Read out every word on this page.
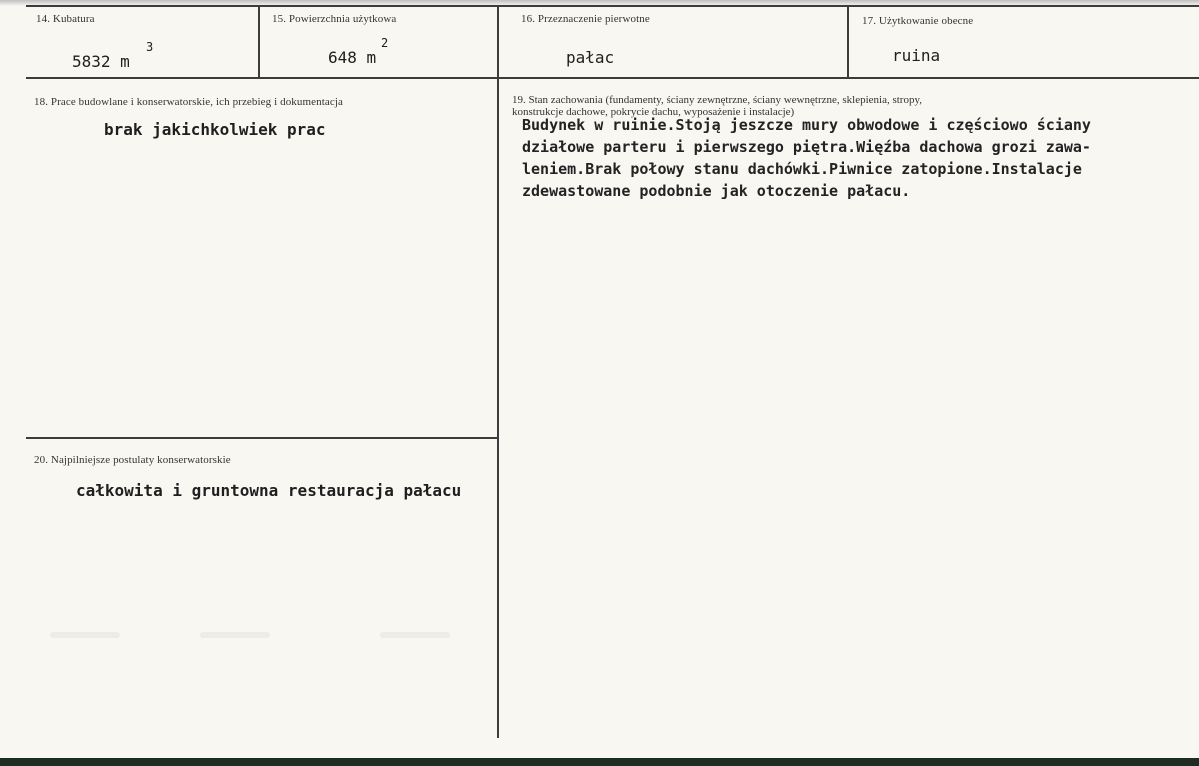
14. Kubatura
5832 m
3
15. Powierzchnia użytkowa
648 m
2
16. Przeznaczenie pierwotne
pałac
17. Użytkowanie obecne
ruina
18. Prace budowlane i konserwatorskie, ich przebieg i dokumentacja
brak jakichkolwiek prac
19. Stan zachowania (fundamenty, ściany zewnętrzne, ściany wewnętrzne, sklepienia, stropy,
konstrukcje dachowe, pokrycie dachu, wyposażenie i instalacje)
Budynek w ruinie.Stoją jeszcze mury obwodowe i częściowo ściany
działowe parteru i pierwszego piętra.Więźba dachowa grozi zawa-
leniem.Brak połowy stanu dachówki.Piwnice zatopione.Instalacje
zdewastowane podobnie jak otoczenie pałacu.
20. Najpilniejsze postulaty konserwatorskie
całkowita i gruntowna restauracja pałacu
